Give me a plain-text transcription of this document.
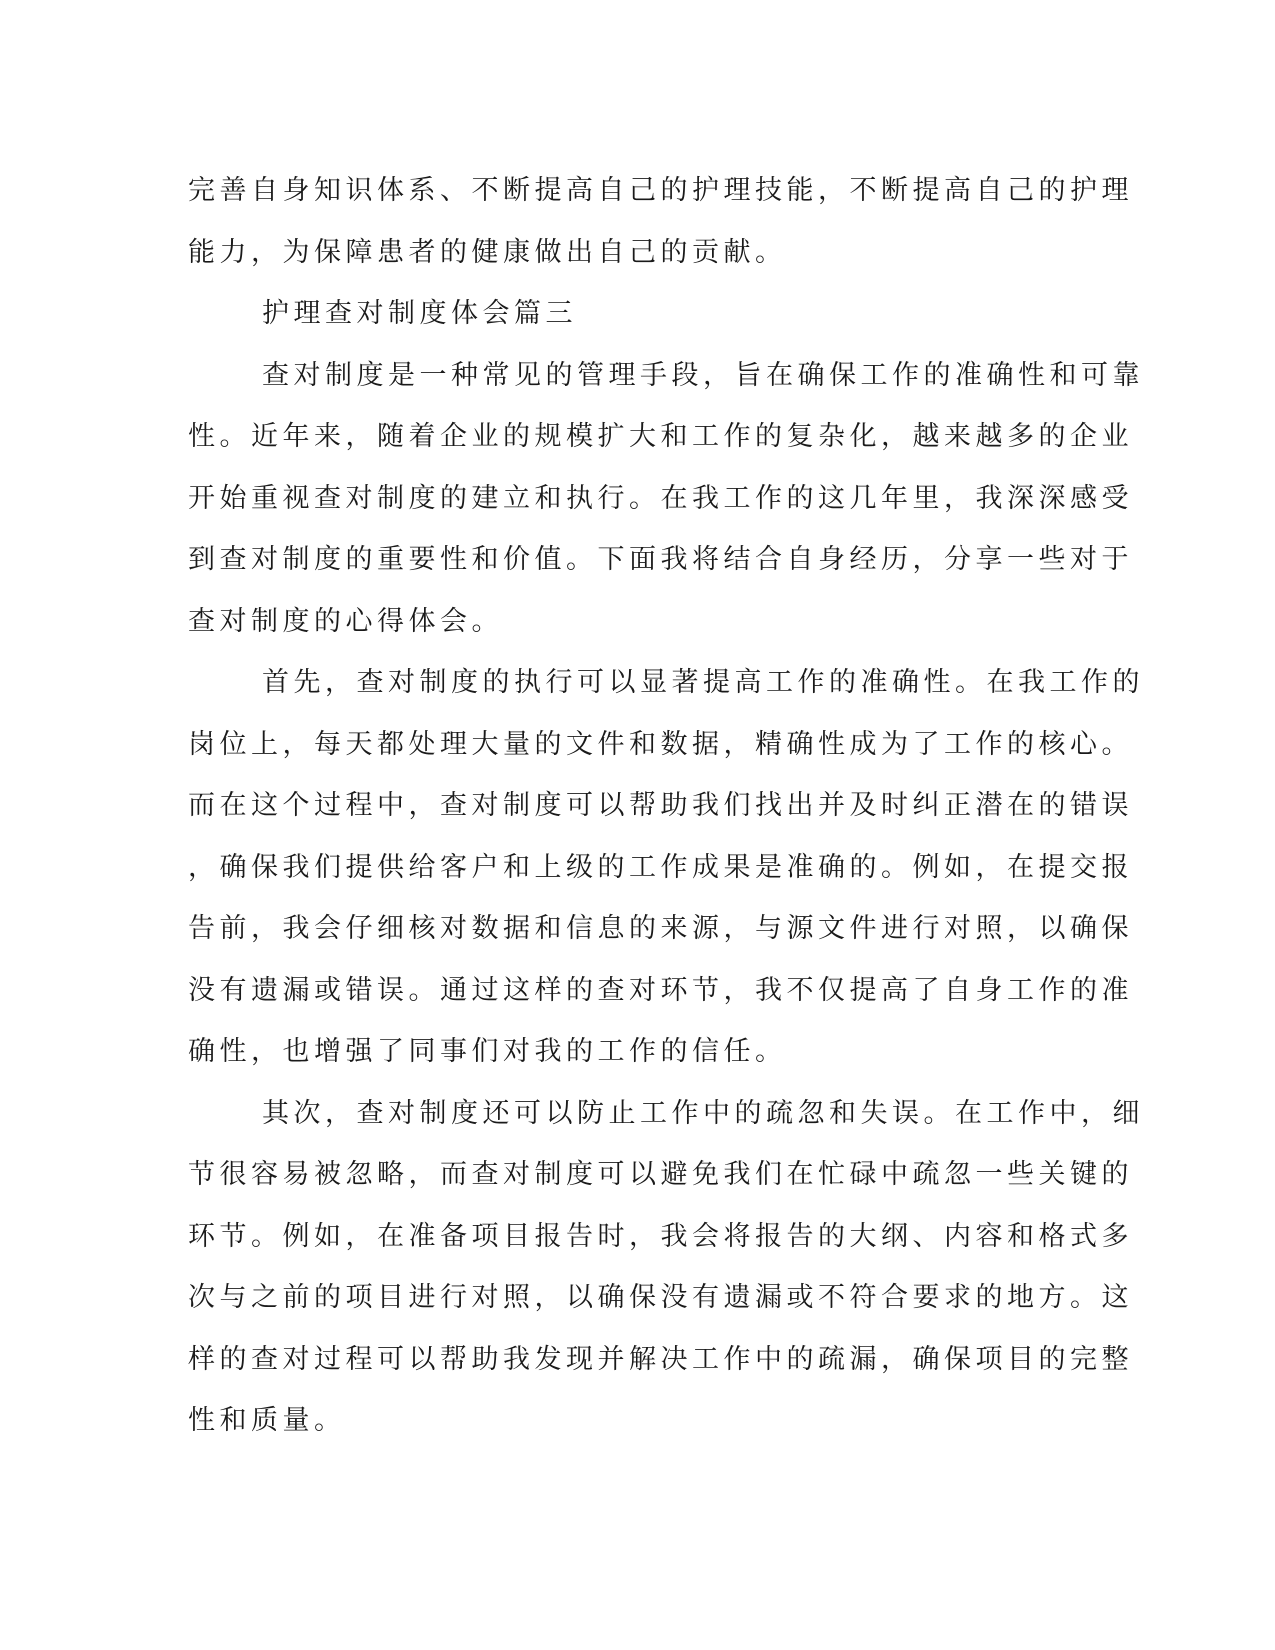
完善自身知识体系、不断提高自己的护理技能，不断提高自己的护理
能力，为保障患者的健康做出自己的贡献。
护理查对制度体会篇三
查对制度是一种常见的管理手段，旨在确保工作的准确性和可靠
性。近年来，随着企业的规模扩大和工作的复杂化，越来越多的企业
开始重视查对制度的建立和执行。在我工作的这几年里，我深深感受
到查对制度的重要性和价值。下面我将结合自身经历，分享一些对于
查对制度的心得体会。
首先，查对制度的执行可以显著提高工作的准确性。在我工作的
岗位上，每天都处理大量的文件和数据，精确性成为了工作的核心。
而在这个过程中，查对制度可以帮助我们找出并及时纠正潜在的错误
，确保我们提供给客户和上级的工作成果是准确的。例如，在提交报
告前，我会仔细核对数据和信息的来源，与源文件进行对照，以确保
没有遗漏或错误。通过这样的查对环节，我不仅提高了自身工作的准
确性，也增强了同事们对我的工作的信任。
其次，查对制度还可以防止工作中的疏忽和失误。在工作中，细
节很容易被忽略，而查对制度可以避免我们在忙碌中疏忽一些关键的
环节。例如，在准备项目报告时，我会将报告的大纲、内容和格式多
次与之前的项目进行对照，以确保没有遗漏或不符合要求的地方。这
样的查对过程可以帮助我发现并解决工作中的疏漏，确保项目的完整
性和质量。
